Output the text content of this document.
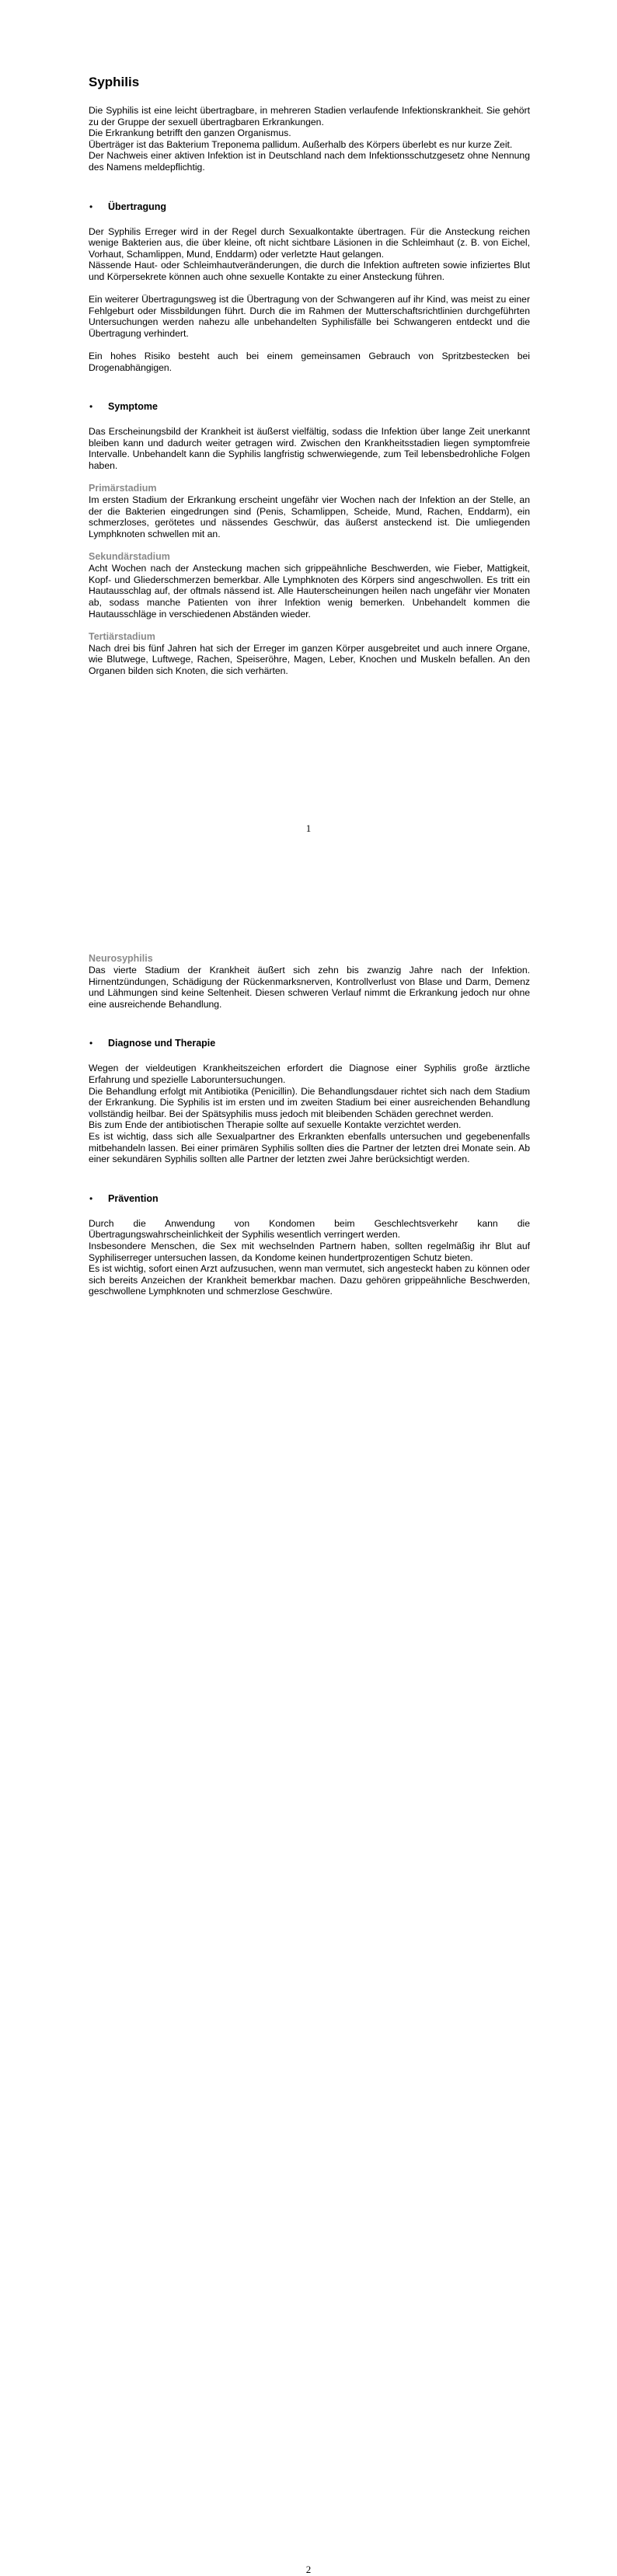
Syphilis

Die Syphilis ist eine leicht übertragbare, in mehreren Stadien verlaufende Infektionskrankheit. Sie gehört zu der Gruppe der sexuell übertragbaren Erkrankungen.

Die Erkrankung betrifft den ganzen Organismus.

Überträger ist das Bakterium Treponema pallidum. Außerhalb des Körpers überlebt es nur kurze Zeit.

Der Nachweis einer aktiven Infektion ist in Deutschland nach dem Infektionsschutzgesetz ohne Nennung des Namens meldepflichtig.

•	Übertragung

Der Syphilis Erreger wird in der Regel durch Sexualkontakte übertragen. Für die Ansteckung reichen wenige Bakterien aus, die über kleine, oft nicht sichtbare Läsionen in die Schleimhaut (z. B. von Eichel, Vorhaut, Schamlippen, Mund, Enddarm) oder verletzte Haut gelangen.

Nässende Haut- oder Schleimhautveränderungen, die durch die Infektion auftreten sowie infiziertes Blut und Körpersekrete können auch ohne sexuelle Kontakte zu einer Ansteckung führen.

Ein weiterer Übertragungsweg ist die Übertragung von der Schwangeren auf ihr Kind, was meist zu einer Fehlgeburt oder Missbildungen führt. Durch die im Rahmen der Mutterschaftsrichtlinien durchgeführten Untersuchungen werden nahezu alle unbehandelten Syphilisfälle bei Schwangeren entdeckt und die Übertragung verhindert.

Ein hohes Risiko besteht auch bei einem gemeinsamen Gebrauch von Spritzbestecken bei Drogenabhängigen.

•	Symptome

Das Erscheinungsbild der Krankheit ist äußerst vielfältig, sodass die Infektion über lange Zeit unerkannt bleiben kann und dadurch weiter getragen wird. Zwischen den Krankheitsstadien liegen symptomfreie Intervalle. Unbehandelt kann die Syphilis langfristig schwerwiegende, zum Teil lebensbedrohliche Folgen haben.

Primärstadium

Im ersten Stadium der Erkrankung erscheint ungefähr vier Wochen nach der Infektion an der Stelle, an der die Bakterien eingedrungen sind (Penis, Schamlippen, Scheide, Mund, Rachen, Enddarm), ein schmerzloses, gerötetes und nässendes Geschwür, das äußerst ansteckend ist. Die umliegenden Lymphknoten schwellen mit an.

Sekundärstadium

Acht Wochen nach der Ansteckung machen sich grippeähnliche Beschwerden, wie Fieber, Mattigkeit, Kopf- und Gliederschmerzen bemerkbar. Alle Lymphknoten des Körpers sind angeschwollen. Es tritt ein Hautausschlag auf, der oftmals nässend ist. Alle Hauterscheinungen heilen nach ungefähr vier Monaten ab, sodass manche Patienten von ihrer Infektion wenig bemerken. Unbehandelt kommen die Hautausschläge in verschiedenen Abständen wieder.

Tertiärstadium

Nach drei bis fünf Jahren hat sich der Erreger im ganzen Körper ausgebreitet und auch innere Organe, wie Blutwege, Luftwege, Rachen, Speiseröhre, Magen, Leber, Knochen und Muskeln befallen. An den Organen bilden sich Knoten, die sich verhärten.

1
Neurosyphilis

Das vierte Stadium der Krankheit äußert sich zehn bis zwanzig Jahre nach der Infektion. Hirnentzündungen, Schädigung der Rückenmarksnerven, Kontrollverlust von Blase und Darm, Demenz und Lähmungen sind keine Seltenheit. Diesen schweren Verlauf nimmt die Erkrankung jedoch nur ohne eine ausreichende Behandlung.

•	Diagnose und Therapie

Wegen der vieldeutigen Krankheitszeichen erfordert die Diagnose einer Syphilis große ärztliche Erfahrung und spezielle Laboruntersuchungen.

Die Behandlung erfolgt mit Antibiotika (Penicillin). Die Behandlungsdauer richtet sich nach dem Stadium der Erkrankung. Die Syphilis ist im ersten und im zweiten Stadium bei einer ausreichenden Behandlung vollständig heilbar. Bei der Spätsyphilis muss jedoch mit bleibenden Schäden gerechnet werden.

Bis zum Ende der antibiotischen Therapie sollte auf sexuelle Kontakte verzichtet werden.

Es ist wichtig, dass sich alle Sexualpartner des Erkrankten ebenfalls untersuchen und gegebenenfalls mitbehandeln lassen. Bei einer primären Syphilis sollten dies die Partner der letzten drei Monate sein. Ab einer sekundären Syphilis sollten alle Partner der letzten zwei Jahre berücksichtigt werden.

•	Prävention

Durch die Anwendung von Kondomen beim Geschlechtsverkehr kann die Übertragungswahrscheinlichkeit der Syphilis wesentlich verringert werden.

Insbesondere Menschen, die Sex mit wechselnden Partnern haben, sollten regelmäßig ihr Blut auf Syphiliserreger untersuchen lassen, da Kondome keinen hundertprozentigen Schutz bieten.

Es ist wichtig, sofort einen Arzt aufzusuchen, wenn man vermutet, sich angesteckt haben zu können oder sich bereits Anzeichen der Krankheit bemerkbar machen. Dazu gehören grippeähnliche Beschwerden, geschwollene Lymphknoten und schmerzlose Geschwüre.

2
